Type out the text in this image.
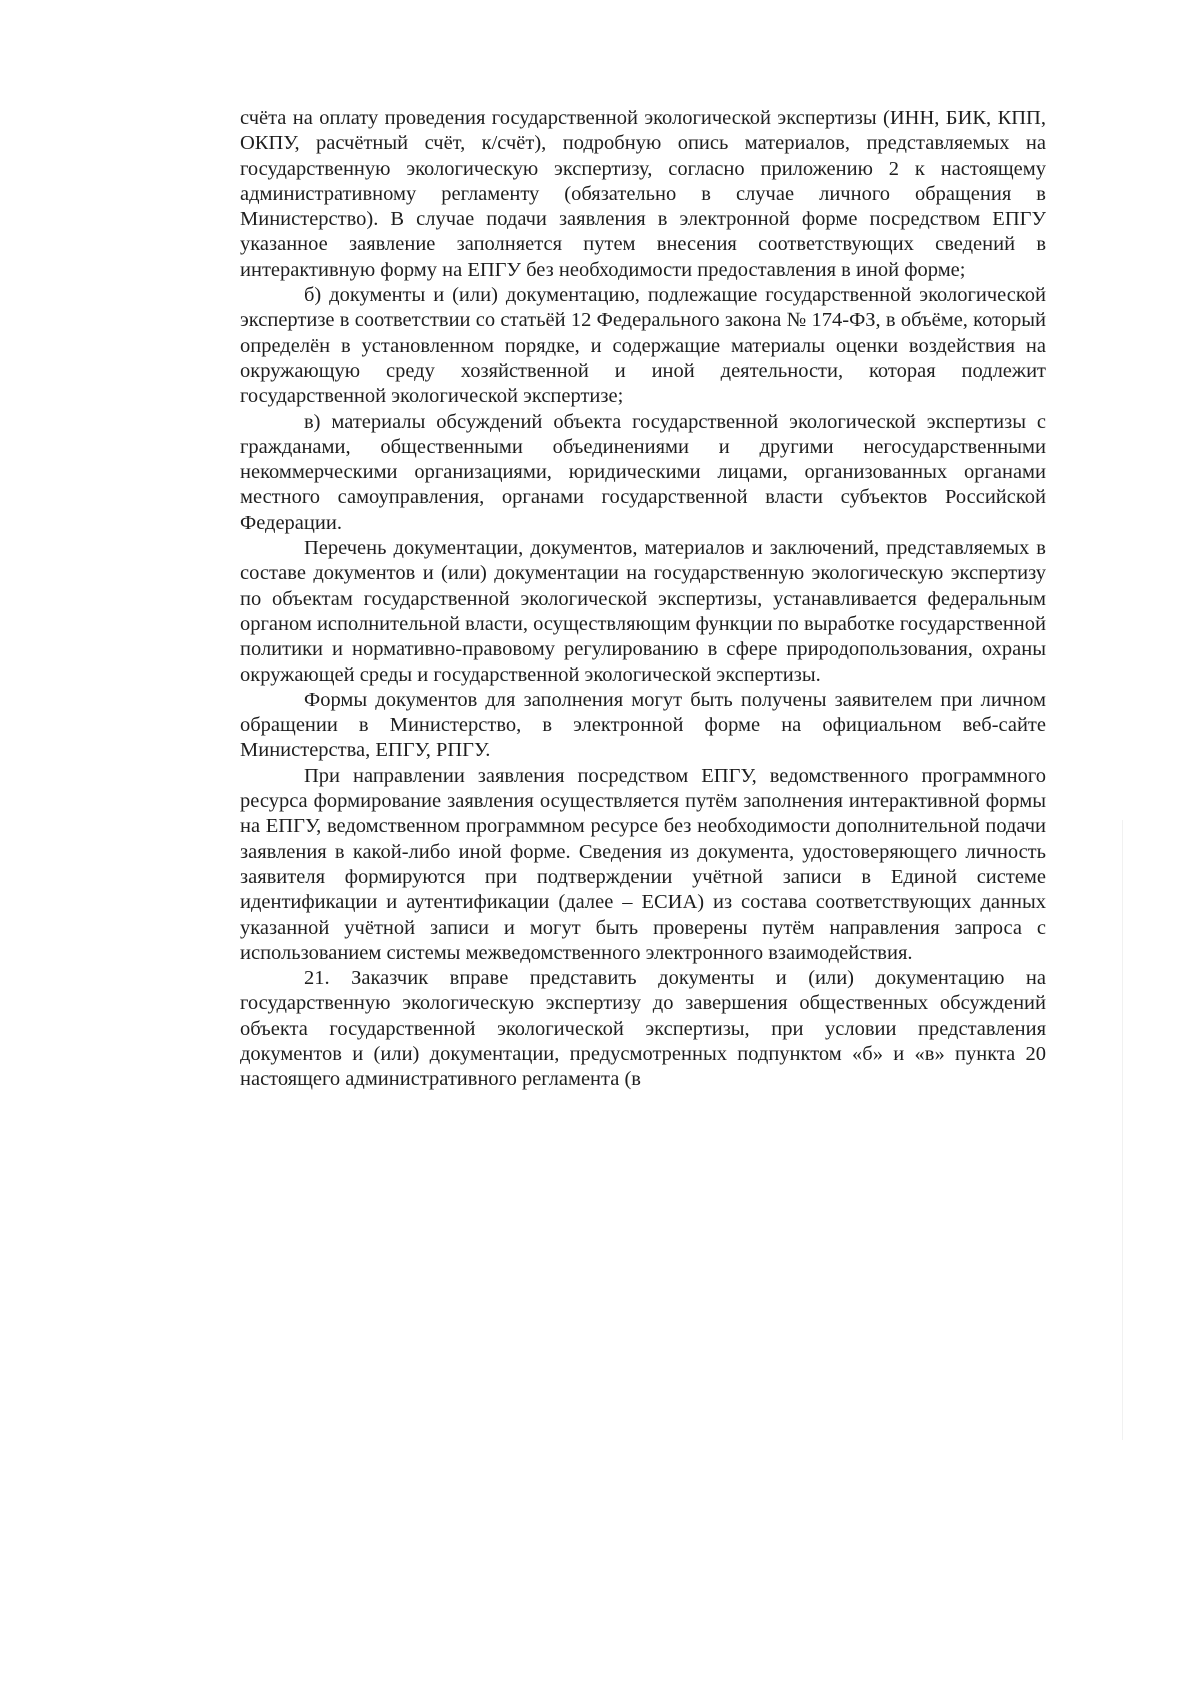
счёта на оплату проведения государственной экологической экспертизы (ИНН, БИК, КПП, ОКПУ, расчётный счёт, к/счёт), подробную опись материалов, представляемых на государственную экологическую экспертизу, согласно приложению 2 к настоящему административному регламенту (обязательно в случае личного обращения в Министерство). В случае подачи заявления в электронной форме посредством ЕПГУ указанное заявление заполняется путем внесения соответствующих сведений в интерактивную форму на ЕПГУ без необходимости предоставления в иной форме;

б) документы и (или) документацию, подлежащие государственной экологической экспертизе в соответствии со статьёй 12 Федерального закона № 174-ФЗ, в объёме, который определён в установленном порядке, и содержащие материалы оценки воздействия на окружающую среду хозяйственной и иной деятельности, которая подлежит государственной экологической экспертизе;

в) материалы обсуждений объекта государственной экологической экспертизы с гражданами, общественными объединениями и другими негосударственными некоммерческими организациями, юридическими лицами, организованных органами местного самоуправления, органами государственной власти субъектов Российской Федерации.

Перечень документации, документов, материалов и заключений, представляемых в составе документов и (или) документации на государственную экологическую экспертизу по объектам государственной экологической экспертизы, устанавливается федеральным органом исполнительной власти, осуществляющим функции по выработке государственной политики и нормативно-правовому регулированию в сфере природопользования, охраны окружающей среды и государственной экологической экспертизы.

Формы документов для заполнения могут быть получены заявителем при личном обращении в Министерство, в электронной форме на официальном веб-сайте Министерства, ЕПГУ, РПГУ.

При направлении заявления посредством ЕПГУ, ведомственного программного ресурса формирование заявления осуществляется путём заполнения интерактивной формы на ЕПГУ, ведомственном программном ресурсе без необходимости дополнительной подачи заявления в какой-либо иной форме. Сведения из документа, удостоверяющего личность заявителя формируются при подтверждении учётной записи в Единой системе идентификации и аутентификации (далее – ЕСИА) из состава соответствующих данных указанной учётной записи и могут быть проверены путём направления запроса с использованием системы межведомственного электронного взаимодействия.

21. Заказчик вправе представить документы и (или) документацию на государственную экологическую экспертизу до завершения общественных обсуждений объекта государственной экологической экспертизы, при условии представления документов и (или) документации, предусмотренных подпунктом «б» и «в» пункта 20 настоящего административного регламента (в
